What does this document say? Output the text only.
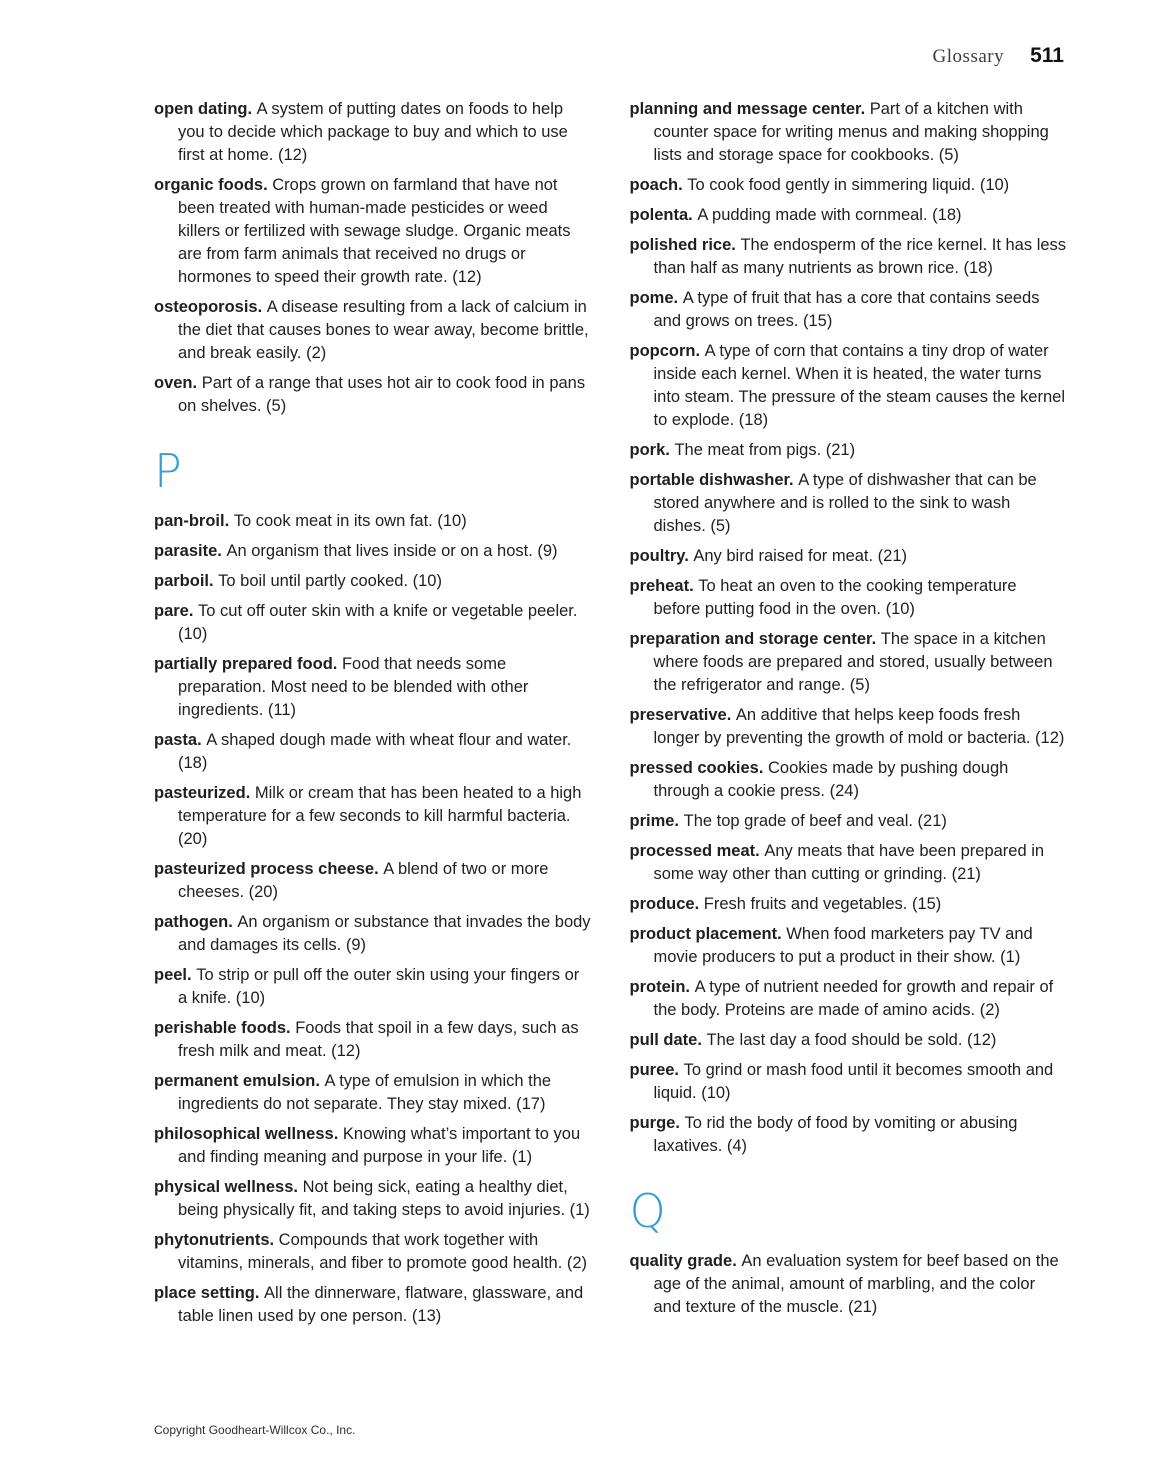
Glossary 511

open dating. A system of putting dates on foods to help you to decide which package to buy and which to use first at home. (12)

organic foods. Crops grown on farmland that have not been treated with human-made pesticides or weed killers or fertilized with sewage sludge. Organic meats are from farm animals that received no drugs or hormones to speed their growth rate. (12)

osteoporosis. A disease resulting from a lack of calcium in the diet that causes bones to wear away, become brittle, and break easily. (2)

oven. Part of a range that uses hot air to cook food in pans on shelves. (5)

P

pan-broil. To cook meat in its own fat. (10)

parasite. An organism that lives inside or on a host. (9)

parboil. To boil until partly cooked. (10)

pare. To cut off outer skin with a knife or vegetable peeler. (10)

partially prepared food. Food that needs some preparation. Most need to be blended with other ingredients. (11)

pasta. A shaped dough made with wheat flour and water. (18)

pasteurized. Milk or cream that has been heated to a high temperature for a few seconds to kill harmful bacteria. (20)

pasteurized process cheese. A blend of two or more cheeses. (20)

pathogen. An organism or substance that invades the body and damages its cells. (9)

peel. To strip or pull off the outer skin using your fingers or a knife. (10)

perishable foods. Foods that spoil in a few days, such as fresh milk and meat. (12)

permanent emulsion. A type of emulsion in which the ingredients do not separate. They stay mixed. (17)

philosophical wellness. Knowing what’s important to you and finding meaning and purpose in your life. (1)

physical wellness. Not being sick, eating a healthy diet, being physically fit, and taking steps to avoid injuries. (1)

phytonutrients. Compounds that work together with vitamins, minerals, and fiber to promote good health. (2)

place setting. All the dinnerware, flatware, glassware, and table linen used by one person. (13)

planning and message center. Part of a kitchen with counter space for writing menus and making shopping lists and storage space for cookbooks. (5)

poach. To cook food gently in simmering liquid. (10)

polenta. A pudding made with cornmeal. (18)

polished rice. The endosperm of the rice kernel. It has less than half as many nutrients as brown rice. (18)

pome. A type of fruit that has a core that contains seeds and grows on trees. (15)

popcorn. A type of corn that contains a tiny drop of water inside each kernel. When it is heated, the water turns into steam. The pressure of the steam causes the kernel to explode. (18)

pork. The meat from pigs. (21)

portable dishwasher. A type of dishwasher that can be stored anywhere and is rolled to the sink to wash dishes. (5)

poultry. Any bird raised for meat. (21)

preheat. To heat an oven to the cooking temperature before putting food in the oven. (10)

preparation and storage center. The space in a kitchen where foods are prepared and stored, usually between the refrigerator and range. (5)

preservative. An additive that helps keep foods fresh longer by preventing the growth of mold or bacteria. (12)

pressed cookies. Cookies made by pushing dough through a cookie press. (24)

prime. The top grade of beef and veal. (21)

processed meat. Any meats that have been prepared in some way other than cutting or grinding. (21)

produce. Fresh fruits and vegetables. (15)

product placement. When food marketers pay TV and movie producers to put a product in their show. (1)

protein. A type of nutrient needed for growth and repair of the body. Proteins are made of amino acids. (2)

pull date. The last day a food should be sold. (12)

puree. To grind or mash food until it becomes smooth and liquid. (10)

purge. To rid the body of food by vomiting or abusing laxatives. (4)

Q

quality grade. An evaluation system for beef based on the age of the animal, amount of marbling, and the color and texture of the muscle. (21)

Copyright Goodheart-Willcox Co., Inc.
